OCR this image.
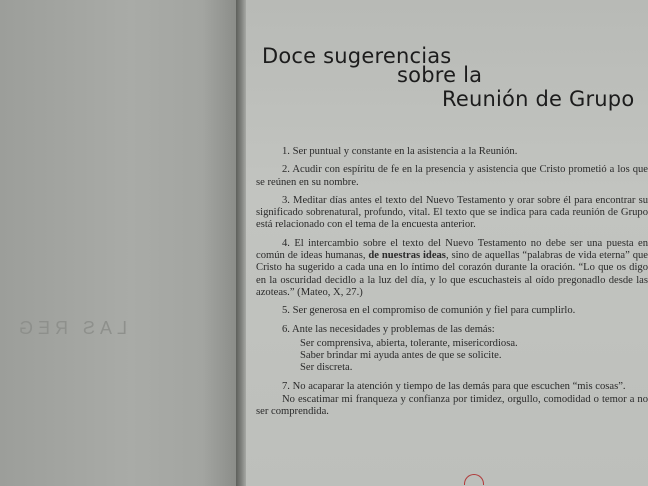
LAS REG
Doce sugerencias
sobre la
Reunión de Grupo

1. Ser puntual y constante en la asistencia a la Reunión.

2. Acudir con espíritu de fe en la presencia y asistencia que Cristo prometió a los que se reúnen en su nombre.

3. Meditar días antes el texto del Nuevo Testamento y orar sobre él para encontrar su significado sobrenatural, profundo, vital. El texto que se indica para cada reunión de Grupo está relacionado con el tema de la encuesta anterior.

4. El intercambio sobre el texto del Nuevo Testamento no debe ser una puesta en común de ideas humanas, de nuestras ideas, sino de aquellas “palabras de vida eterna” que Cristo ha sugerido a cada una en lo íntimo del corazón durante la oración. “Lo que os digo en la oscuridad decidlo a la luz del día, y lo que escuchasteis al oído pregonadlo desde las azoteas.” (Mateo, X, 27.)

5. Ser generosa en el compromiso de comunión y fiel para cumplirlo.

6. Ante las necesidades y problemas de las demás:

Ser comprensiva, abierta, tolerante, misericordiosa.

Saber brindar mi ayuda antes de que se solicite.

Ser discreta.

7. No acaparar la atención y tiempo de las demás para que escuchen “mis cosas”.

No escatimar mi franqueza y confianza por timidez, orgullo, comodidad o temor a no ser comprendida.
